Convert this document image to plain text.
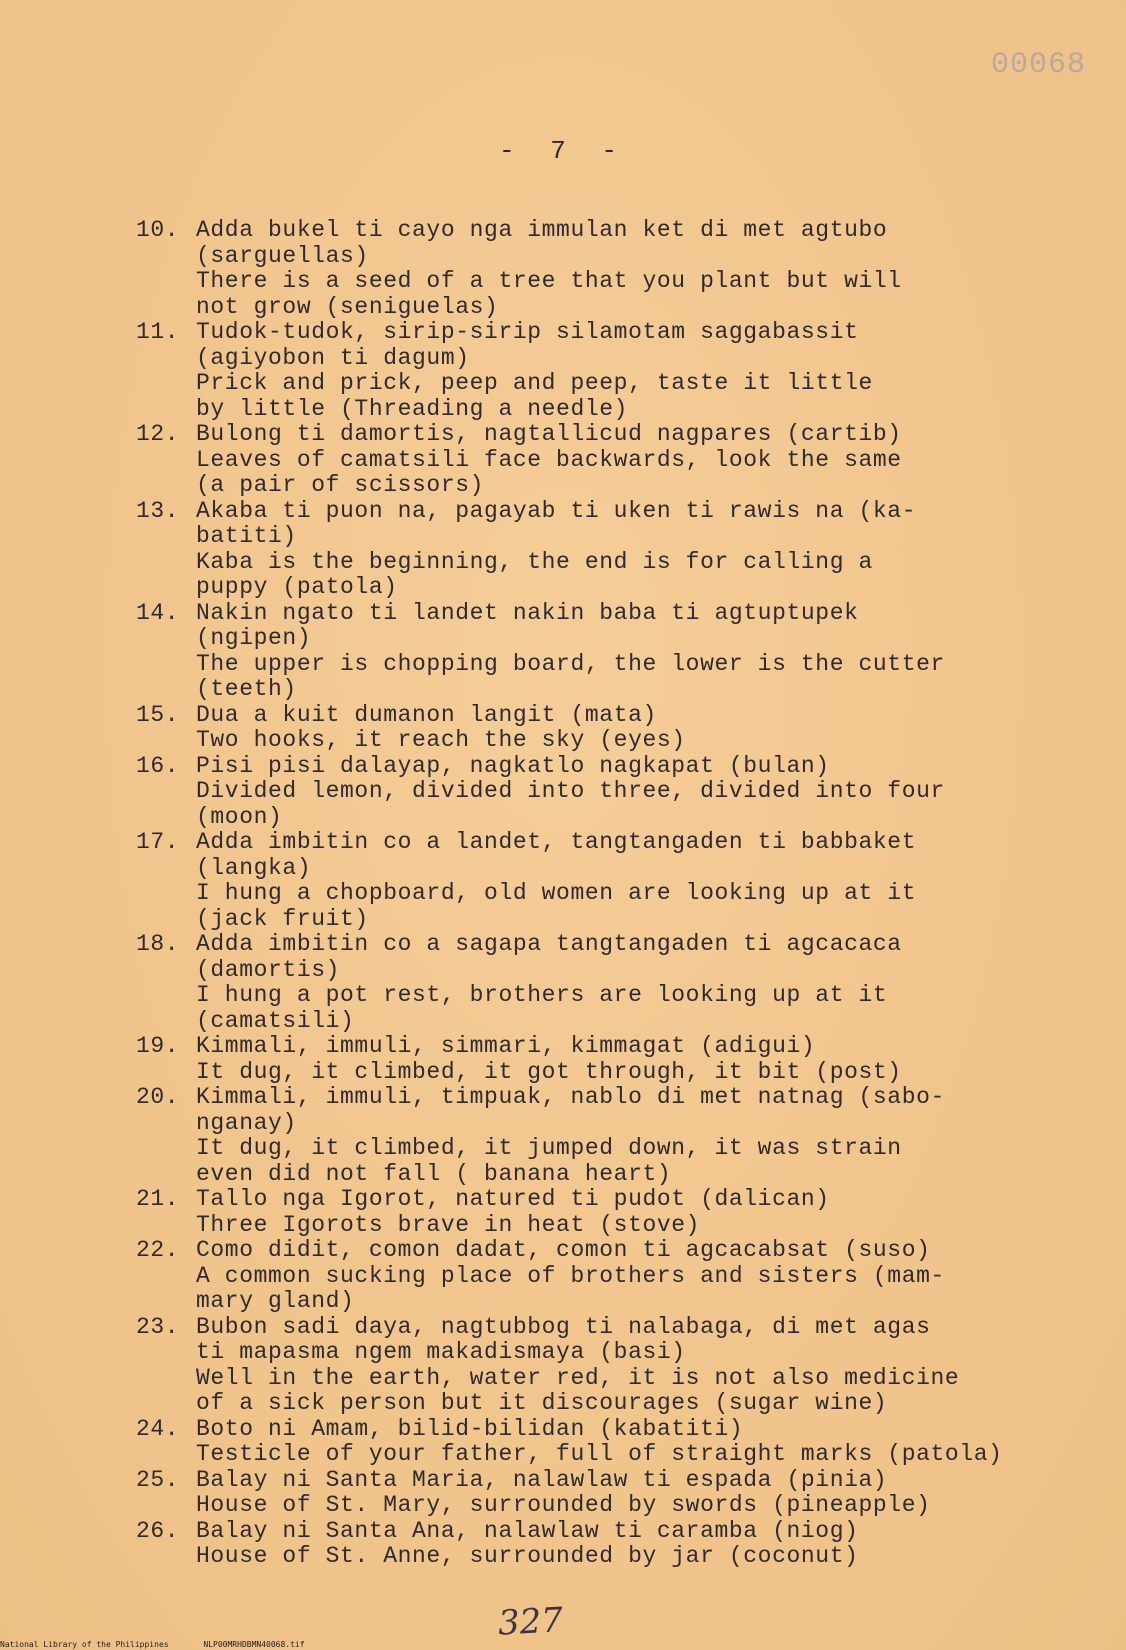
00068
- 7 -
10. Adda bukel ti cayo nga immulan ket di met agtubo
(sarguellas)
There is a seed of a tree that you plant but will
not grow (seniguelas)
11. Tudok-tudok, sirip-sirip silamotam saggabassit
(agiyobon ti dagum)
Prick and prick, peep and peep, taste it little
by little (Threading a needle)
12. Bulong ti damortis, nagtallicud nagpares (cartib)
Leaves of camatsili face backwards, look the same
(a pair of scissors)
13. Akaba ti puon na, pagayab ti uken ti rawis na (ka-
batiti)
Kaba is the beginning, the end is for calling a
puppy (patola)
14. Nakin ngato ti landet nakin baba ti agtuptupek
(ngipen)
The upper is chopping board, the lower is the cutter
(teeth)
15. Dua a kuit dumanon langit (mata)
Two hooks, it reach the sky (eyes)
16. Pisi pisi dalayap, nagkatlo nagkapat (bulan)
Divided lemon, divided into three, divided into four
(moon)
17. Adda imbitin co a landet, tangtangaden ti babbaket
(langka)
I hung a chopboard, old women are looking up at it
(jack fruit)
18. Adda imbitin co a sagapa tangtangaden ti agcacaca
(damortis)
I hung a pot rest, brothers are looking up at it
(camatsili)
19. Kimmali, immuli, simmari, kimmagat (adigui)
It dug, it climbed, it got through, it bit (post)
20. Kimmali, immuli, timpuak, nablo di met natnag (sabo-
nganay)
It dug, it climbed, it jumped down, it was strain
even did not fall ( banana heart)
21. Tallo nga Igorot, natured ti pudot (dalican)
Three Igorots brave in heat (stove)
22. Como didit, comon dadat, comon ti agcacabsat (suso)
A common sucking place of brothers and sisters (mam-
mary gland)
23. Bubon sadi daya, nagtubbog ti nalabaga, di met agas
ti mapasma ngem makadismaya (basi)
Well in the earth, water red, it is not also medicine
of a sick person but it discourages (sugar wine)
24. Boto ni Amam, bilid-bilidan (kabatiti)
Testicle of your father, full of straight marks (patola)
25. Balay ni Santa Maria, nalawlaw ti espada (pinia)
House of St. Mary, surrounded by swords (pineapple)
26. Balay ni Santa Ana, nalawlaw ti caramba (niog)
House of St. Anne, surrounded by jar (coconut)
327
National Library of the Philippines	NLP00MRHDBMN40068.tif
